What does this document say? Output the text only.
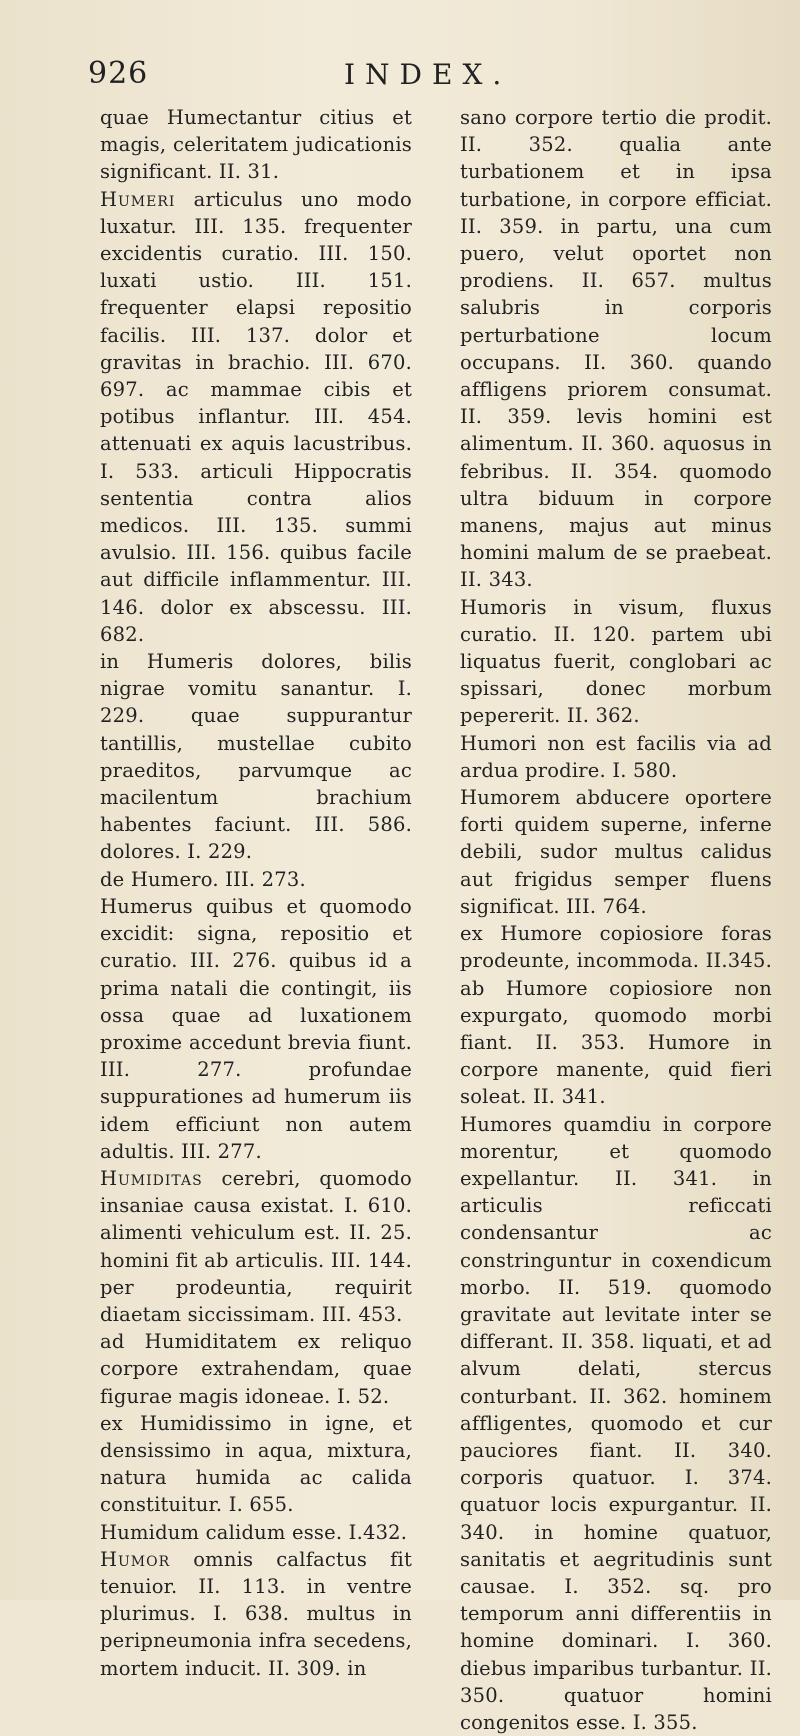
926	INDEX.

quae Humectantur citius et magis, celeritatem judicationis significant. II. 31.

Humeri articulus uno modo luxatur. III. 135. frequenter excidentis curatio. III. 150. luxati ustio. III. 151. frequenter elapsi repositio facilis. III. 137. dolor et gravitas in brachio. III. 670. 697. ac mammae cibis et potibus inflantur. III. 454. attenuati ex aquis lacustribus. I. 533. articuli Hippocratis sententia contra alios medicos. III. 135. summi avulsio. III. 156. quibus facile aut difficile inflammentur. III. 146. dolor ex abscessu. III. 682.

in Humeris dolores, bilis nigrae vomitu sanantur. I. 229. quae suppurantur tantillis, mustellae cubito praeditos, parvumque ac macilentum brachium habentes faciunt. III. 586. dolores. I. 229.

de Humero. III. 273.

Humerus quibus et quomodo excidit: signa, repositio et curatio. III. 276. quibus id a prima natali die contingit, iis ossa quae ad luxationem proxime accedunt brevia fiunt. III. 277. profundae suppurationes ad humerum iis idem efficiunt non autem adultis. III. 277.

Humiditas cerebri, quomodo insaniae causa existat. I. 610. alimenti vehiculum est. II. 25. homini fit ab articulis. III. 144. per prodeuntia, requirit diaetam siccissimam. III. 453.

ad Humiditatem ex reliquo corpore extrahendam, quae figurae magis idoneae. I. 52.

ex Humidissimo in igne, et densissimo in aqua, mixtura, natura humida ac calida constituitur. I. 655.

Humidum calidum esse. I.432.

Humor omnis calfactus fit tenuior. II. 113. in ventre plurimus. I. 638. multus in peripneumonia infra secedens, mortem inducit. II. 309. in

sano corpore tertio die prodit. II. 352. qualia ante turbationem et in ipsa turbatione, in corpore efficiat. II. 359. in partu, una cum puero, velut oportet non prodiens. II. 657. multus salubris in corporis perturbatione locum occupans. II. 360. quando affligens priorem consumat. II. 359. levis homini est alimentum. II. 360. aquosus in febribus. II. 354. quomodo ultra biduum in corpore manens, majus aut minus homini malum de se praebeat. II. 343.

Humoris in visum, fluxus curatio. II. 120. partem ubi liquatus fuerit, conglobari ac spissari, donec morbum pepererit. II. 362.

Humori non est facilis via ad ardua prodire. I. 580.

Humorem abducere oportere forti quidem superne, inferne debili, sudor multus calidus aut frigidus semper fluens significat. III. 764.

ex Humore copiosiore foras prodeunte, incommoda. II.345. ab Humore copiosiore non expurgato, quomodo morbi fiant. II. 353. Humore in corpore manente, quid fieri soleat. II. 341.

Humores quamdiu in corpore morentur, et quomodo expellantur. II. 341. in articulis reficcati condensantur ac constringuntur in coxendicum morbo. II. 519. quomodo gravitate aut levitate inter se differant. II. 358. liquati, et ad alvum delati, stercus conturbant. II. 362. hominem affligentes, quomodo et cur pauciores fiant. II. 340. corporis quatuor. I. 374. quatuor locis expurgantur. II. 340. in homine quatuor, sanitatis et aegritudinis sunt causae. I. 352. sq. pro temporum anni differentiis in homine dominari. I. 360. diebus imparibus turbantur. II. 350. quatuor homini congenitos esse. I. 355.
